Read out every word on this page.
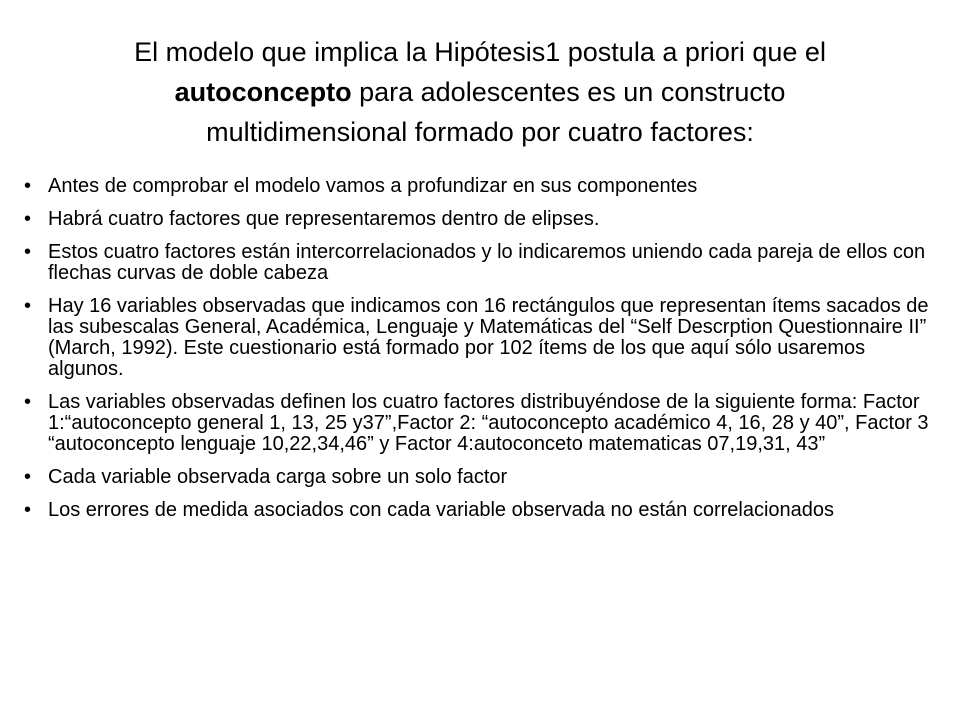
El modelo que implica la Hipótesis1 postula a priori que el
autoconcepto para adolescentes es un constructo
multidimensional formado por cuatro factores:
• Antes de comprobar el modelo vamos a profundizar en sus componentes
• Habrá cuatro factores que representaremos dentro de elipses.
• Estos cuatro factores están intercorrelacionados y lo indicaremos uniendo cada pareja de ellos con flechas curvas de doble cabeza
• Hay 16 variables observadas que indicamos con 16 rectángulos que representan ítems sacados de las subescalas General, Académica, Lenguaje y Matemáticas del “Self Descrption Questionnaire II” (March, 1992). Este cuestionario está formado por 102 ítems de los que aquí sólo usaremos algunos.
• Las variables observadas definen los cuatro factores distribuyéndose de la siguiente forma: Factor 1:“autoconcepto general 1, 13, 25 y37”,Factor 2: “autoconcepto académico 4, 16, 28 y 40”, Factor 3 “autoconcepto lenguaje 10,22,34,46” y Factor 4:autoconceto matematicas 07,19,31, 43”
• Cada variable observada carga sobre un solo factor
• Los errores de medida asociados con cada variable observada no están correlacionados
